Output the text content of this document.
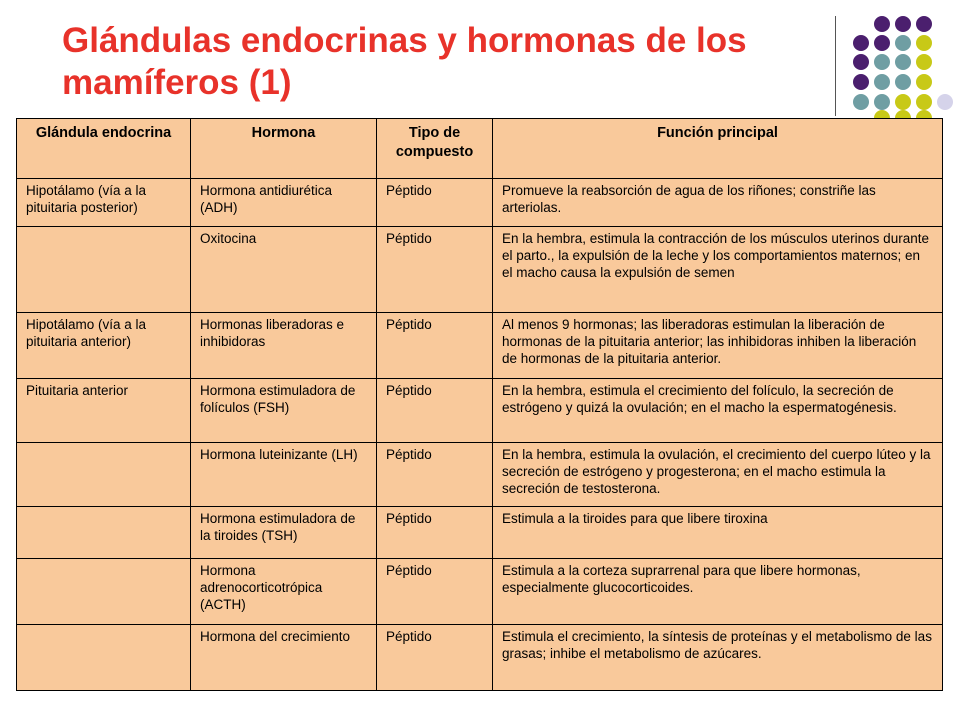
Glándulas endocrinas y hormonas de los
mamíferos (1)
Glándula endocrina	Hormona	Tipo de compuesto	Función principal
Hipotálamo (vía a la pituitaria posterior)	Hormona antidiurética (ADH)	Péptido	Promueve la reabsorción de agua de los riñones; constriñe las arteriolas.
	Oxitocina	Péptido	En la hembra, estimula la contracción de los músculos uterinos durante el parto., la expulsión de la leche y los comportamientos maternos; en el macho causa la expulsión de semen
Hipotálamo (vía a la pituitaria anterior)	Hormonas liberadoras e inhibidoras	Péptido	Al menos 9 hormonas; las liberadoras estimulan la liberación de hormonas de la pituitaria anterior; las inhibidoras inhiben la liberación de hormonas de la pituitaria anterior.
Pituitaria anterior	Hormona estimuladora de folículos (FSH)	Péptido	En la hembra, estimula el crecimiento del folículo, la secreción de estrógeno y quizá la ovulación; en el macho la espermatogénesis.
	Hormona luteinizante (LH)	Péptido	En la hembra, estimula la ovulación, el crecimiento del cuerpo lúteo y la secreción de estrógeno y progesterona; en el macho estimula la secreción de testosterona.
	Hormona estimuladora de la tiroides (TSH)	Péptido	Estimula a la tiroides para que libere tiroxina
	Hormona adrenocorticotrópica (ACTH)	Péptido	Estimula a la corteza suprarrenal para que libere hormonas, especialmente glucocorticoides.
	Hormona del crecimiento	Péptido	Estimula el crecimiento, la síntesis de proteínas y el metabolismo de las grasas; inhibe el metabolismo de azúcares.
